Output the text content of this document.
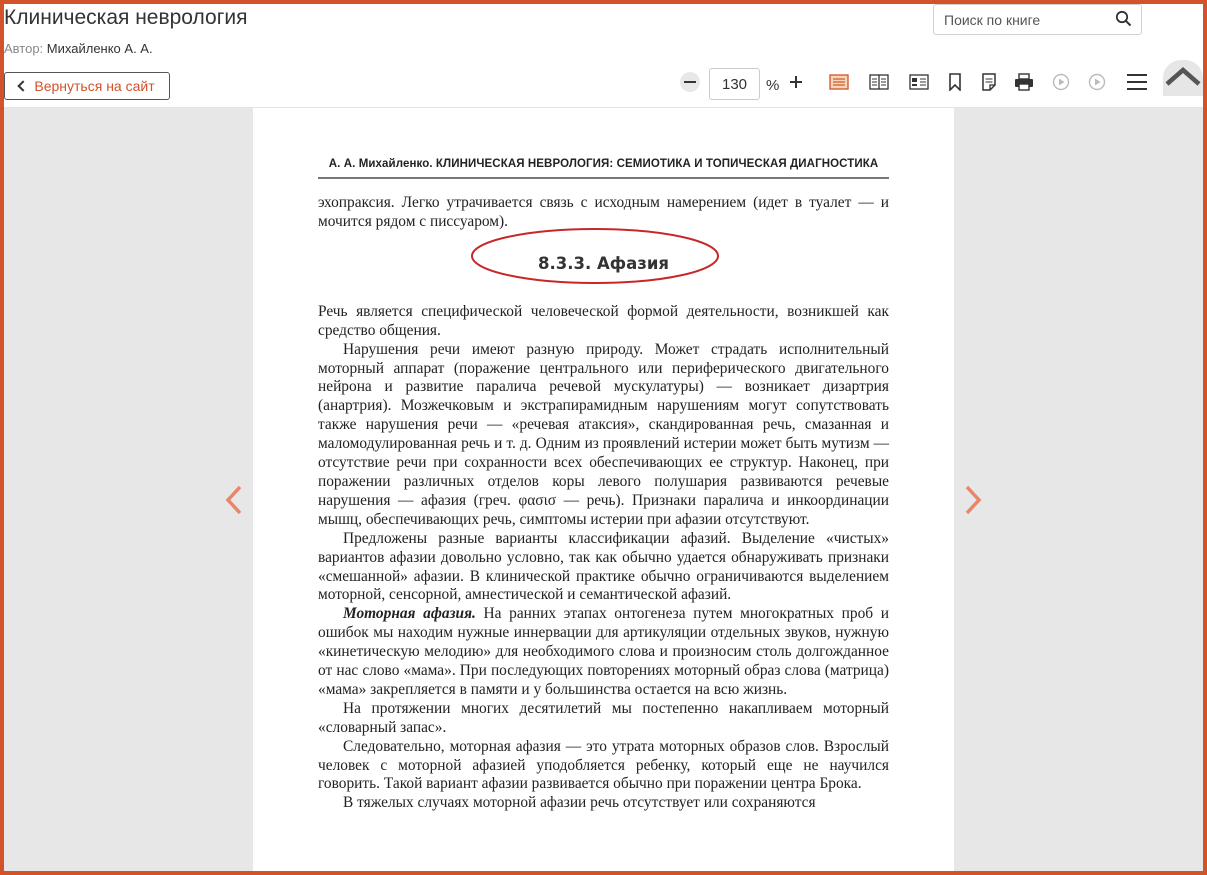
Клиническая неврология
Автор: Михайленко А. А.
Вернуться на сайт
Поиск по книге
130	%
А. А. Михайленко. КЛИНИЧЕСКАЯ НЕВРОЛОГИЯ: СЕМИОТИКА И ТОПИЧЕСКАЯ ДИАГНОСТИКА

эхопраксия. Легко утрачивается связь с исходным намерением (идет в туалет — и мочится рядом с писсуаром).

8.3.3. Афазия

Речь является специфической человеческой формой деятельности, возникшей как средство общения.

Нарушения речи имеют разную природу. Может страдать исполнительный моторный аппарат (поражение центрального или периферического двигательного нейрона и развитие паралича речевой мускулатуры) — возникает дизартрия (анартрия). Мозжечковым и экстрапирамидным нарушениям могут сопутствовать также нарушения речи — «речевая атаксия», скандированная речь, смазанная и маломодулированная речь и т. д. Одним из проявлений истерии может быть мутизм — отсутствие речи при сохранности всех обеспечивающих ее структур. Наконец, при поражении различных отделов коры левого полушария развиваются речевые нарушения — афазия (греч. φασισ — речь). Признаки паралича и инкоординации мышц, обеспечивающих речь, симптомы истерии при афазии отсутствуют.

Предложены разные варианты классификации афазий. Выделение «чистых» вариантов афазии довольно условно, так как обычно удается обнаруживать признаки «смешанной» афазии. В клинической практике обычно ограничиваются выделением моторной, сенсорной, амнестической и семантической афазий.

Моторная афазия. На ранних этапах онтогенеза путем многократных проб и ошибок мы находим нужные иннервации для артикуляции отдельных звуков, нужную «кинетическую мелодию» для необходимого слова и произносим столь долгожданное от нас слово «мама». При последующих повторениях моторный образ слова (матрица) «мама» закрепляется в памяти и у большинства остается на всю жизнь.

На протяжении многих десятилетий мы постепенно накапливаем моторный «словарный запас».

Следовательно, моторная афазия — это утрата моторных образов слов. Взрослый человек с моторной афазией уподобляется ребенку, который еще не научился говорить. Такой вариант афазии развивается обычно при поражении центра Брока.

В тяжелых случаях моторной афазии речь отсутствует или сохраняются
